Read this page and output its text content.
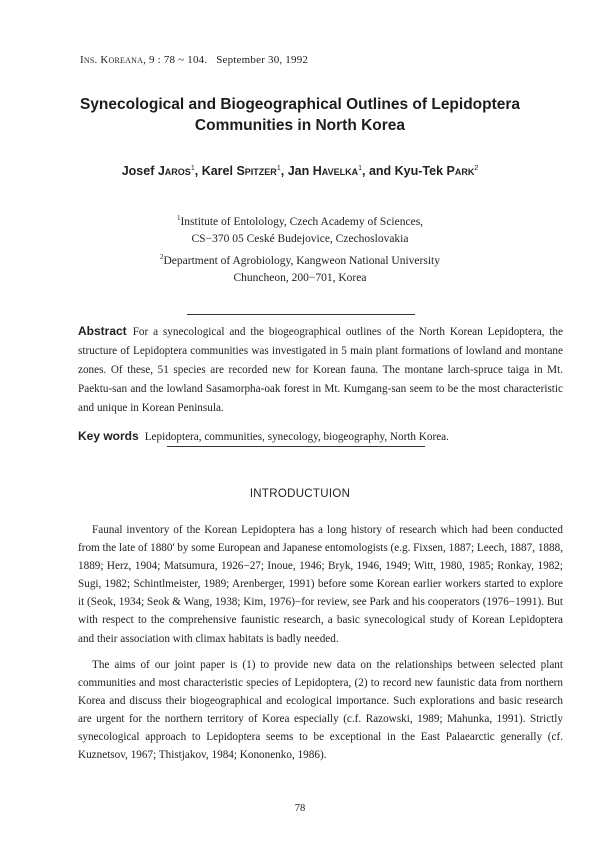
Ins. Koreana, 9 : 78 ~ 104. September 30, 1992
Synecological and Biogeographical Outlines of Lepidoptera
Communities in North Korea
Josef Jaros$^1$, Karel Spitzer$^1$, Jan Havelka$^1$, and Kyu-Tek Park$^2$
$^1$Institute of Entolology, Czech Academy of Sciences,
CS−370 05 Ceské Budejovice, Czechoslovakia
$^2$Department of Agrobiology, Kangweon National University
Chuncheon, 200−701, Korea
Abstract For a synecological and the biogeographical outlines of the North Korean Lepidoptera, the structure of Lepidoptera communities was investigated in 5 main plant formations of lowland and montane zones. Of these, 51 species are recorded new for Korean fauna. The montane larch-spruce taiga in Mt. Paektu-san and the lowland Sasamorpha-oak forest in Mt. Kumgang-san seem to be the most characteristic and unique in Korean Peninsula.
Key words Lepidoptera, communities, synecology, biogeography, North Korea.
INTRODUCTUION

Faunal inventory of the Korean Lepidoptera has a long history of research which had been conducted from the late of 1880' by some European and Japanese entomologists (e.g. Fixsen, 1887; Leech, 1887, 1888, 1889; Herz, 1904; Matsumura, 1926−27; Inoue, 1946; Bryk, 1946, 1949; Witt, 1980, 1985; Ronkay, 1982; Sugi, 1982; Schintlmeister, 1989; Arenberger, 1991) before some Korean earlier workers started to explore it (Seok, 1934; Seok & Wang, 1938; Kim, 1976)−for review, see Park and his cooperators (1976−1991). But with respect to the comprehensive faunistic research, a basic synecological study of Korean Lepidoptera and their association with climax habitats is badly needed.

The aims of our joint paper is (1) to provide new data on the relationships between selected plant communities and most characteristic species of Lepidoptera, (2) to record new faunistic data from northern Korea and discuss their biogeographical and ecological importance. Such explorations and basic research are urgent for the northern territory of Korea especially (c.f. Razowski, 1989; Mahunka, 1991). Strictly synecological approach to Lepidoptera seems to be exceptional in the East Palaearctic generally (cf. Kuznetsov, 1967; Thistjakov, 1984; Kononenko, 1986).

78
